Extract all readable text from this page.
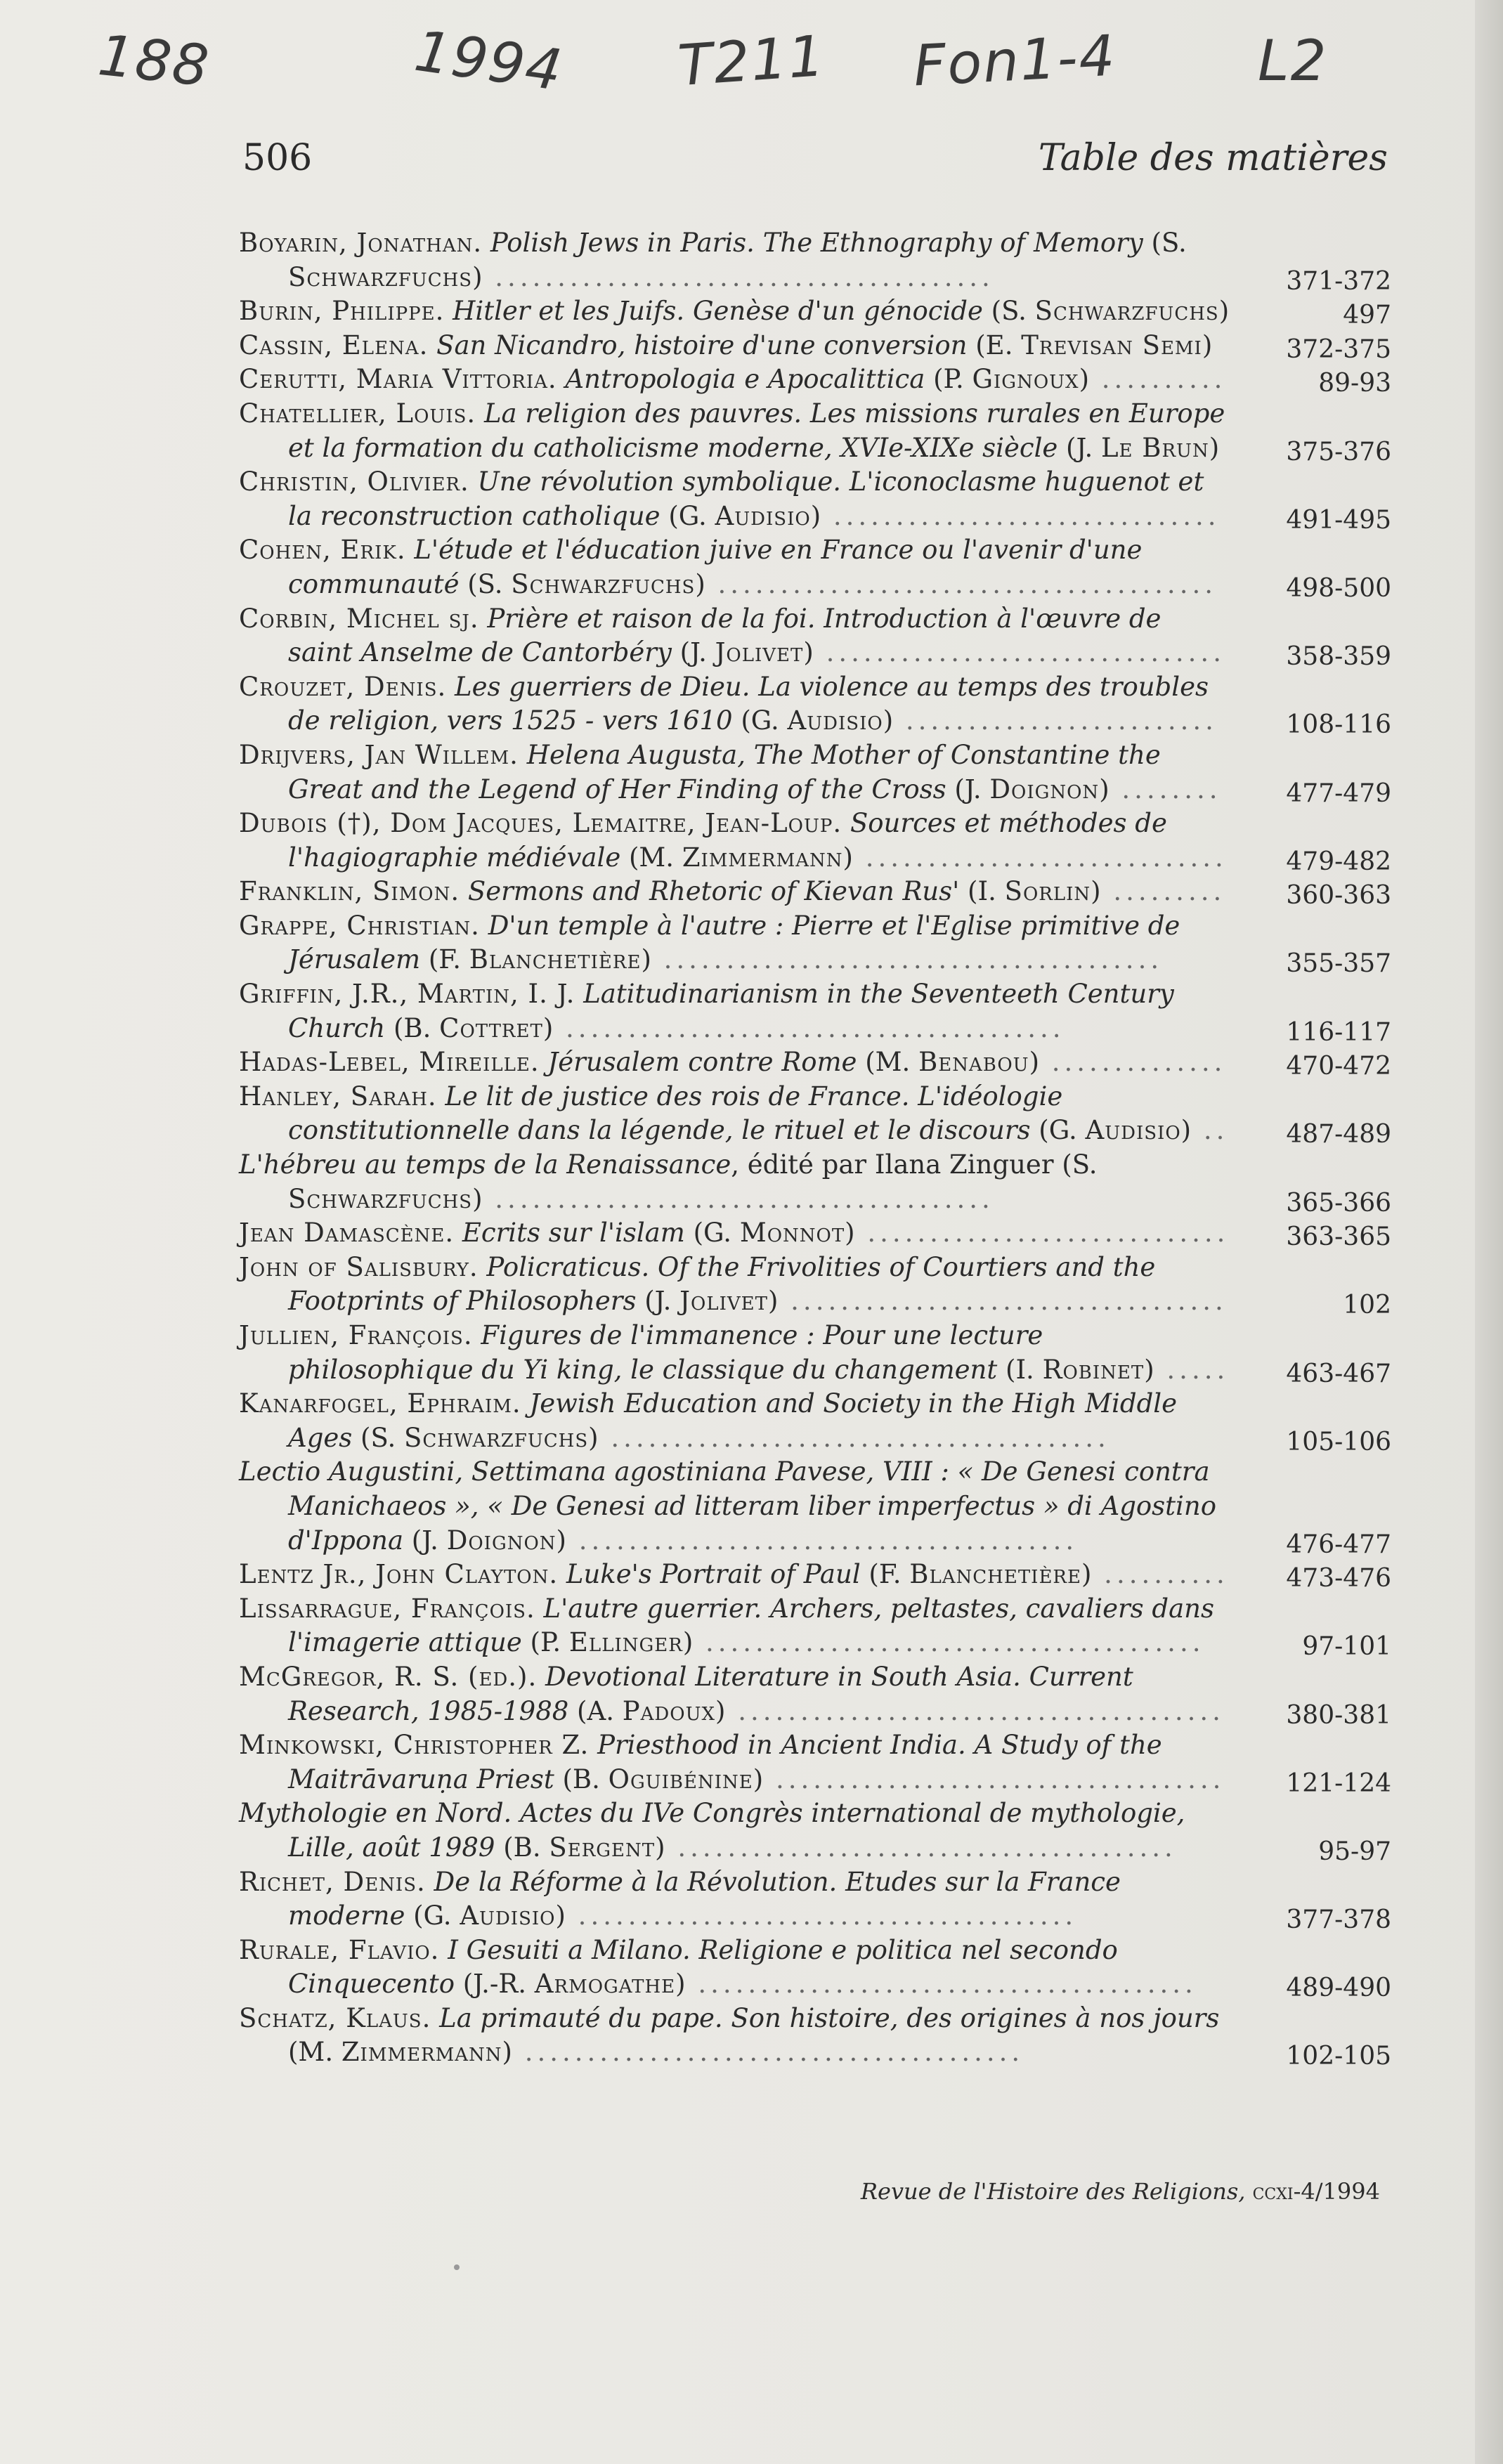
188	1994 T211 Fon1-4 L2
506	Table des matières
Boyarin, Jonathan. Polish Jews in Paris. The Ethnography of Memory (S. Schwarzfuchs) ........................................	371-372
Burin, Philippe. Hitler et les Juifs. Genèse d'un génocide (S. Schwarzfuchs)	497
Cassin, Elena. San Nicandro, histoire d'une conversion (E. Trevisan Semi)	372-375
Cerutti, Maria Vittoria. Antropologia e Apocalittica (P. Gignoux) ..........	89-93
Chatellier, Louis. La religion des pauvres. Les missions rurales en Europe et la formation du catholicisme moderne, XVIe-XIXe siècle (J. Le Brun)	375-376
Christin, Olivier. Une révolution symbolique. L'iconoclasme huguenot et la reconstruction catholique (G. Audisio) ...............................	491-495
Cohen, Erik. L'étude et l'éducation juive en France ou l'avenir d'une communauté (S. Schwarzfuchs) ........................................	498-500
Corbin, Michel sj. Prière et raison de la foi. Introduction à l'œuvre de saint Anselme de Cantorbéry (J. Jolivet) ................................ 358-359
Crouzet, Denis. Les guerriers de Dieu. La violence au temps des troubles de religion, vers 1525 - vers 1610 (G. Audisio) .........................	108-116
Drijvers, Jan Willem. Helena Augusta, The Mother of Constantine the Great and the Legend of Her Finding of the Cross (J. Doignon) ........	477-479
Dubois (†), Dom Jacques, Lemaitre, Jean-Loup. Sources et méthodes de l'hagiographie médiévale (M. Zimmermann) ............................. 479-482
Franklin, Simon. Sermons and Rhetoric of Kievan Rus' (I. Sorlin) ......... 360-363
Grappe, Christian. D'un temple à l'autre : Pierre et l'Eglise primitive de Jérusalem (F. Blanchetière) ........................................	355-357
Griffin, J.R., Martin, I. J. Latitudinarianism in the Seventeeth Century Church (B. Cottret) ........................................	116-117
Hadas-Lebel, Mireille. Jérusalem contre Rome (M. Benabou) .............. 470-472
Hanley, Sarah. Le lit de justice des rois de France. L'idéologie constitutionnelle dans la légende, le rituel et le discours (G. Audisio) .. 487-489
L'hébreu au temps de la Renaissance, édité par Ilana Zinguer (S. Schwarzfuchs) ........................................	365-366
Jean Damascène. Ecrits sur l'islam (G. Monnot) ............................. 363-365
John of Salisbury. Policraticus. Of the Frivolities of Courtiers and the Footprints of Philosophers (J. Jolivet) ...................................	102
Jullien, François. Figures de l'immanence : Pour une lecture philosophique du Yi king, le classique du changement (I. Robinet) ..... 463-467
Kanarfogel, Ephraim. Jewish Education and Society in the High Middle Ages (S. Schwarzfuchs) ........................................	105-106
Lectio Augustini, Settimana agostiniana Pavese, VIII : « De Genesi contra Manichaeos », « De Genesi ad litteram liber imperfectus » di Agostino d'Ippona (J. Doignon) ........................................	476-477
Lentz Jr., John Clayton. Luke's Portrait of Paul (F. Blanchetière) .......... 473-476
Lissarrague, François. L'autre guerrier. Archers, peltastes, cavaliers dans l'imagerie attique (P. Ellinger) ........................................	97-101
McGregor, R. S. (ed.). Devotional Literature in South Asia. Current Research, 1985-1988 (A. Padoux) ....................................... 380-381
Minkowski, Christopher Z. Priesthood in Ancient India. A Study of the Maitrāvaruṇa Priest (B. Oguibénine) .................................... 121-124
Mythologie en Nord. Actes du IVe Congrès international de mythologie, Lille, août 1989 (B. Sergent) ........................................	95-97
Richet, Denis. De la Réforme à la Révolution. Etudes sur la France moderne (G. Audisio) ........................................	377-378
Rurale, Flavio. I Gesuiti a Milano. Religione e politica nel secondo Cinquecento (J.-R. Armogathe) ........................................	489-490
Schatz, Klaus. La primauté du pape. Son histoire, des origines à nos jours (M. Zimmermann) ........................................	102-105
Revue de l'Histoire des Religions, ccxi-4/1994
